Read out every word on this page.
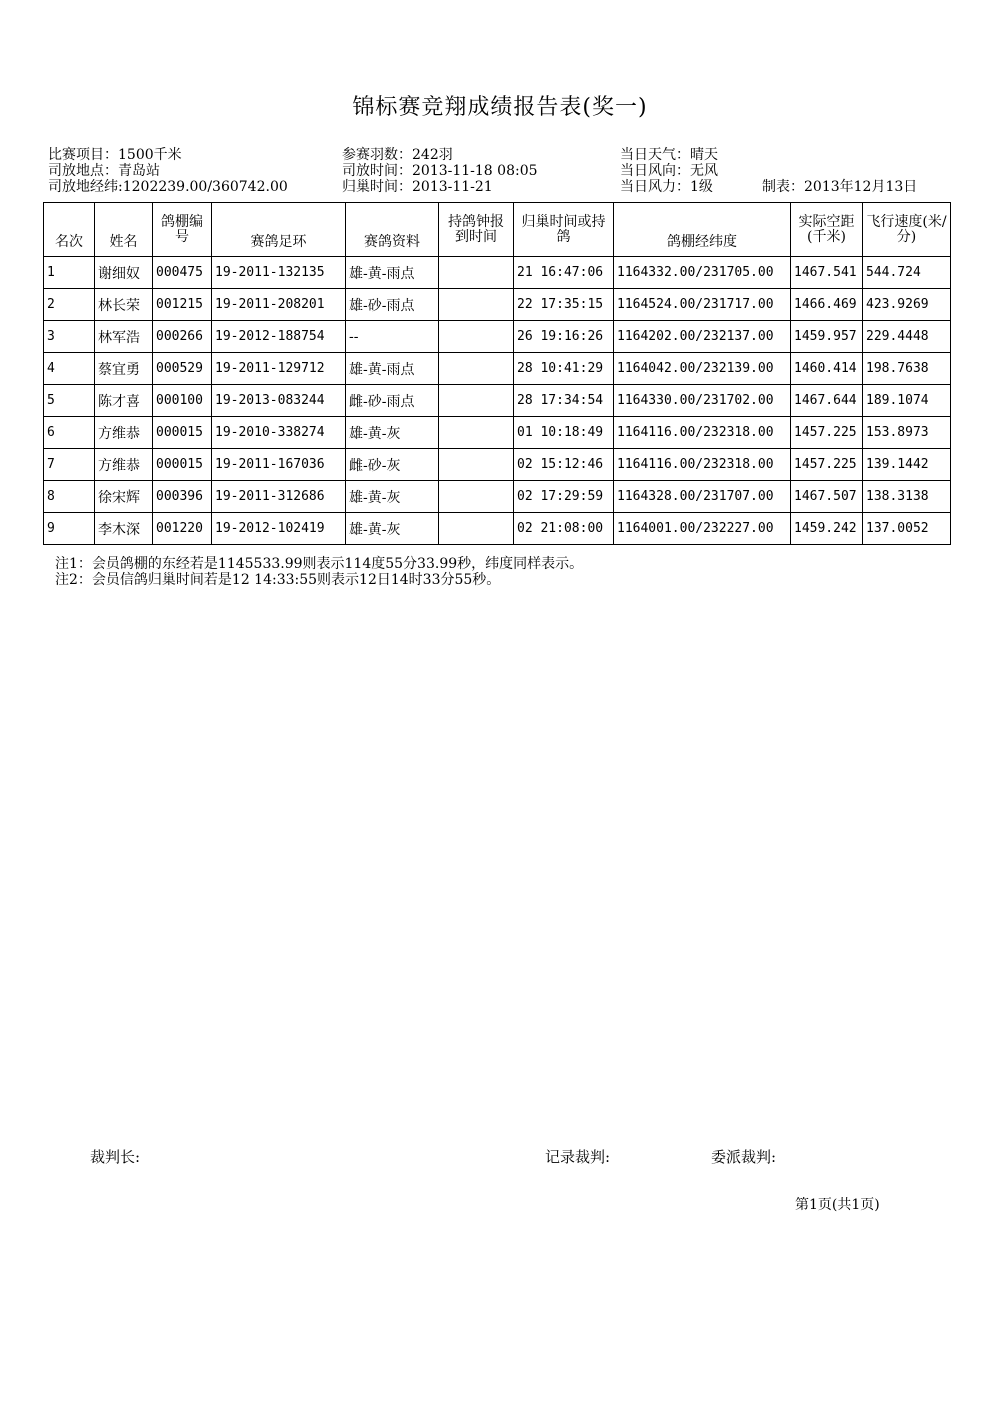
锦标赛竞翔成绩报告表(奖一)
比赛项目：1500千米	参赛羽数：242羽	当日天气：晴天
司放地点：青岛站	司放时间：2013-11-18 08:05	当日风向：无风
司放地经纬:1202239.00/360742.00	归巢时间：2013-11-21	当日风力：1级	制表：2013年12月13日
名次	姓名	鸽棚编号	赛鸽足环	赛鸽资料	持鸽钟报到时间	归巢时间或持鸽	鸽棚经纬度	实际空距(千米)	飞行速度(米/分)
1	谢细奴	000475	19-2011-132135	雄-黄-雨点		21 16:47:06	1164332.00/231705.00	1467.541	544.724
2	林长荣	001215	19-2011-208201	雄-砂-雨点		22 17:35:15	1164524.00/231717.00	1466.469	423.9269
3	林军浩	000266	19-2012-188754	--		26 19:16:26	1164202.00/232137.00	1459.957	229.4448
4	蔡宜勇	000529	19-2011-129712	雄-黄-雨点		28 10:41:29	1164042.00/232139.00	1460.414	198.7638
5	陈才喜	000100	19-2013-083244	雌-砂-雨点		28 17:34:54	1164330.00/231702.00	1467.644	189.1074
6	方维恭	000015	19-2010-338274	雄-黄-灰		01 10:18:49	1164116.00/232318.00	1457.225	153.8973
7	方维恭	000015	19-2011-167036	雌-砂-灰		02 15:12:46	1164116.00/232318.00	1457.225	139.1442
8	徐宋辉	000396	19-2011-312686	雄-黄-灰		02 17:29:59	1164328.00/231707.00	1467.507	138.3138
9	李木深	001220	19-2012-102419	雄-黄-灰		02 21:08:00	1164001.00/232227.00	1459.242	137.0052
注1：会员鸽棚的东经若是1145533.99则表示114度55分33.99秒，纬度同样表示。
注2：会员信鸽归巢时间若是12 14:33:55则表示12日14时33分55秒。
裁判长:	记录裁判:	委派裁判:
第1页(共1页)
